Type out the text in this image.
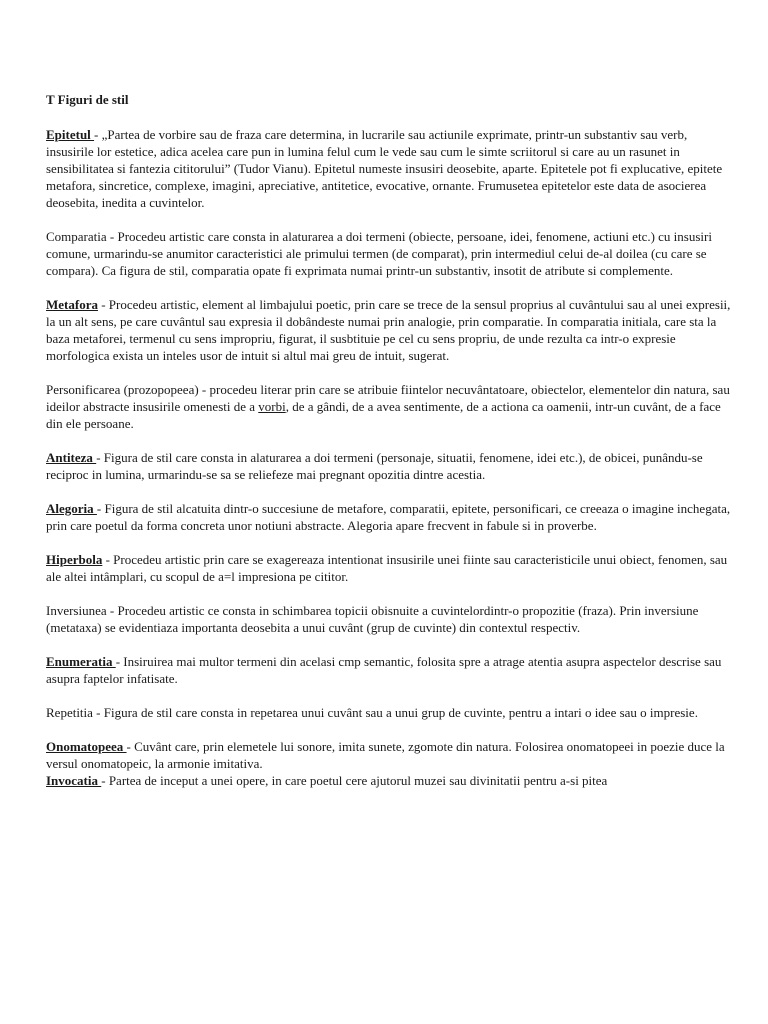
T Figuri de stil

Epitetul - „Partea de vorbire sau de fraza care determina, in lucrarile sau actiunile exprimate, printr-un substantiv sau verb, insusirile lor estetice, adica acelea care pun in lumina felul cum le vede sau cum le simte scriitorul si care au un rasunet in sensibilitatea si fantezia cititorului” (Tudor Vianu). Epitetul numeste insusiri deosebite, aparte. Epitetele pot fi explucative, epitete metafora, sincretice, complexe, imagini, apreciative, antitetice, evocative, ornante. Frumusetea epitetelor este data de asocierea deosebita, inedita a cuvintelor.

Comparatia - Procedeu artistic care consta in alaturarea a doi termeni (obiecte, persoane, idei, fenomene, actiuni etc.) cu insusiri comune, urmarindu-se anumitor caracteristici ale primului termen (de comparat), prin intermediul celui de-al doilea (cu care se compara). Ca figura de stil, comparatia opate fi exprimata numai printr-un substantiv, insotit de atribute si complemente.

Metafora - Procedeu artistic, element al limbajului poetic, prin care se trece de la sensul proprius al cuvântului sau al unei expresii, la un alt sens, pe care cuvântul sau expresia il dobândeste numai prin analogie, prin comparatie. In comparatia initiala, care sta la baza metaforei, termenul cu sens impropriu, figurat, il susbtituie pe cel cu sens propriu, de unde rezulta ca intr-o expresie morfologica exista un inteles usor de intuit si altul mai greu de intuit, sugerat.

Personificarea (prozopopeea) - procedeu literar prin care se atribuie fiintelor necuvântatoare, obiectelor, elementelor din natura, sau ideilor abstracte insusirile omenesti de a vorbi, de a gândi, de a avea sentimente, de a actiona ca oamenii, intr-un cuvânt, de a face din ele persoane.

Antiteza - Figura de stil care consta in alaturarea a doi termeni (personaje, situatii, fenomene, idei etc.), de obicei, punându-se reciproc in lumina, urmarindu-se sa se reliefeze mai pregnant opozitia dintre acestia.

Alegoria - Figura de stil alcatuita dintr-o succesiune de metafore, comparatii, epitete, personificari, ce creeaza o imagine inchegata, prin care poetul da forma concreta unor notiuni abstracte. Alegoria apare frecvent in fabule si in proverbe.

Hiperbola - Procedeu artistic prin care se exagereaza intentionat insusirile unei fiinte sau caracteristicile unui obiect, fenomen, sau ale altei intâmplari, cu scopul de a=l impresiona pe cititor.

Inversiunea - Procedeu artistic ce consta in schimbarea topicii obisnuite a cuvintelordintr-o propozitie (fraza). Prin inversiune (metataxa) se evidentiaza importanta deosebita a unui cuvânt (grup de cuvinte) din contextul respectiv.

Enumeratia - Insiruirea mai multor termeni din acelasi cmp semantic, folosita spre a atrage atentia asupra aspectelor descrise sau asupra faptelor infatisate.

Repetitia - Figura de stil care consta in repetarea unui cuvânt sau a unui grup de cuvinte, pentru a intari o idee sau o impresie.

Onomatopeea - Cuvânt care, prin elemetele lui sonore, imita sunete, zgomote din natura. Folosirea onomatopeei in poezie duce la versul onomatopeic, la armonie imitativa.

Invocatia - Partea de inceput a unei opere, in care poetul cere ajutorul muzei sau divinitatii pentru a-si pitea
